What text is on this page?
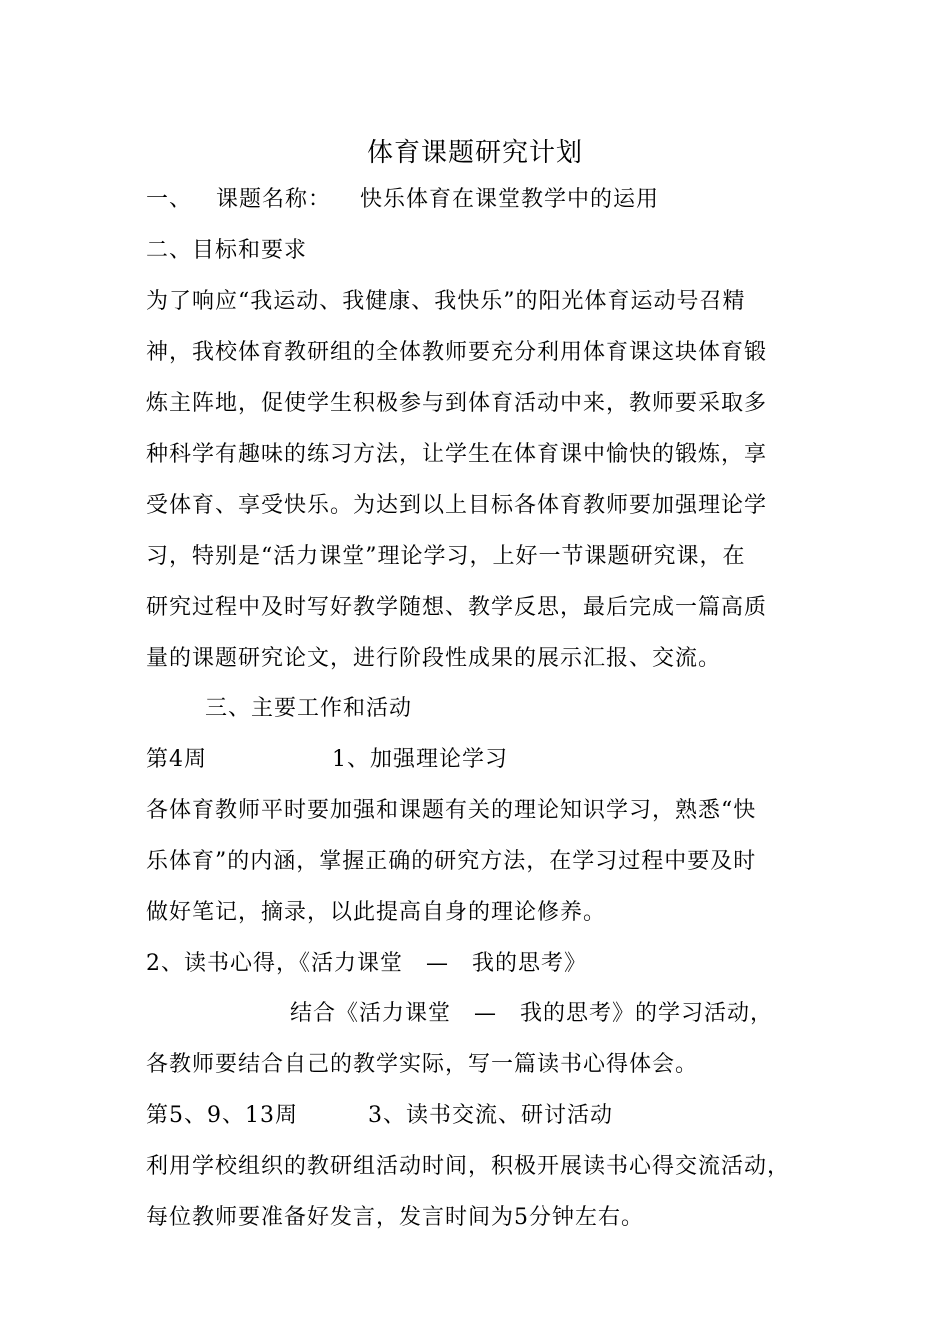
体育课题研究计划

一、

课题名称：

快乐体育在课堂教学中的运用

二、目标和要求
为了响应“我运动、我健康、我快乐”的阳光体育运动号召精
神，我校体育教研组的全体教师要充分利用体育课这块体育锻
炼主阵地，促使学生积极参与到体育活动中来，教师要采取多
种科学有趣味的练习方法，让学生在体育课中愉快的锻炼，享
受体育、享受快乐。为达到以上目标各体育教师要加强理论学
习，特别是“活力课堂”理论学习，上好一节课题研究课，在
研究过程中及时写好教学随想、教学反思，最后完成一篇高质
量的课题研究论文，进行阶段性成果的展示汇报、交流。
三、主要工作和活动

第4周

	1、加强理论学习

各体育教师平时要加强和课题有关的理论知识学习，熟悉“快
乐体育”的内涵，掌握正确的研究方法，在学习过程中要及时
做好笔记，摘录，以此提高自身的理论修养。
2、读书心得，《活力课堂　—　我的思考》
结合《活力课堂　—　我的思考》的学习活动，
各教师要结合自己的教学实际，写一篇读书心得体会。

第5、9、13周

	3、读书交流、研讨活动

利用学校组织的教研组活动时间，积极开展读书心得交流活动，
每位教师要准备好发言，发言时间为5分钟左右。
